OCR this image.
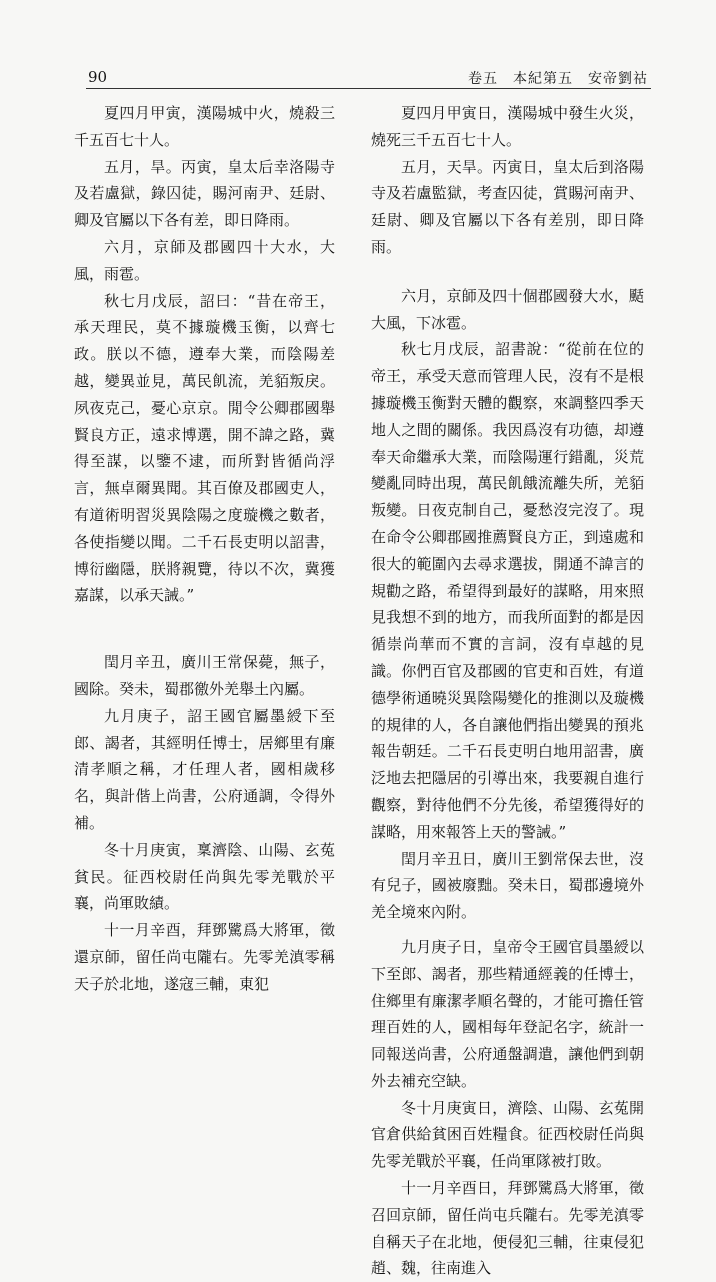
90	卷五　本紀第五　安帝劉祜

夏四月甲寅，漢陽城中火，燒殺三千五百七十人。

五月，旱。丙寅，皇太后幸洛陽寺及若盧獄，錄囚徒，賜河南尹、廷尉、卿及官屬以下各有差，即日降雨。

六月，京師及郡國四十大水，大風，雨雹。

秋七月戊辰，詔曰：“昔在帝王，承天理民，莫不據璇機玉衡，以齊七政。朕以不德，遵奉大業，而陰陽差越，變異並見，萬民飢流，羌貊叛戾。夙夜克己，憂心京京。閒令公卿郡國舉賢良方正，遠求博選，開不諱之路，冀得至謀，以鑒不逮，而所對皆循尚浮言，無卓爾異聞。其百僚及郡國吏人，有道術明習災異陰陽之度璇機之數者，各使指變以聞。二千石長吏明以詔書，博衍幽隱，朕將親覽，待以不次，冀獲嘉謀，以承天誡。”

閏月辛丑，廣川王常保薨，無子，國除。癸未，蜀郡徼外羌舉土內屬。

九月庚子，詔王國官屬墨綬下至郎、謁者，其經明任博士，居鄉里有廉清孝順之稱，才任理人者，國相歲移名，與計偕上尚書，公府通調，令得外補。

冬十月庚寅，稟濟陰、山陽、玄菟貧民。征西校尉任尚與先零羌戰於平襄，尚軍敗績。

十一月辛酉，拜鄧騭爲大將軍，徵還京師，留任尚屯隴右。先零羌滇零稱天子於北地，遂寇三輔，東犯

夏四月甲寅日，漢陽城中發生火災，燒死三千五百七十人。

五月，天旱。丙寅日，皇太后到洛陽寺及若盧監獄，考查囚徒，賞賜河南尹、廷尉、卿及官屬以下各有差別，即日降雨。

六月，京師及四十個郡國發大水，颳大風，下冰雹。

秋七月戊辰，詔書說：“從前在位的帝王，承受天意而管理人民，沒有不是根據璇機玉衡對天體的觀察，來調整四季天地人之間的關係。我因爲沒有功德，却遵奉天命繼承大業，而陰陽運行錯亂，災荒變亂同時出現，萬民飢餓流離失所，羌貊叛變。日夜克制自己，憂愁沒完沒了。現在命令公卿郡國推薦賢良方正，到遠處和很大的範圍內去尋求選拔，開通不諱言的規勸之路，希望得到最好的謀略，用來照見我想不到的地方，而我所面對的都是因循崇尚華而不實的言詞，沒有卓越的見識。你們百官及郡國的官吏和百姓，有道德學術通曉災異陰陽變化的推測以及璇機的規律的人，各自讓他們指出變異的預兆報告朝廷。二千石長吏明白地用詔書，廣泛地去把隱居的引導出來，我要親自進行觀察，對待他們不分先後，希望獲得好的謀略，用來報答上天的警誡。”

閏月辛丑日，廣川王劉常保去世，沒有兒子，國被廢黜。癸未日，蜀郡邊境外羌全境來內附。

九月庚子日，皇帝令王國官員墨綬以下至郎、謁者，那些精通經義的任博士，住鄉里有廉潔孝順名聲的，才能可擔任管理百姓的人，國相每年登記名字，統計一同報送尚書，公府通盤調遣，讓他們到朝外去補充空缺。

冬十月庚寅日，濟陰、山陽、玄菟開官倉供給貧困百姓糧食。征西校尉任尚與先零羌戰於平襄，任尚軍隊被打敗。

十一月辛酉日，拜鄧騭爲大將軍，徵召回京師，留任尚屯兵隴右。先零羌滇零自稱天子在北地，便侵犯三輔，往東侵犯趙、魏，往南進入
